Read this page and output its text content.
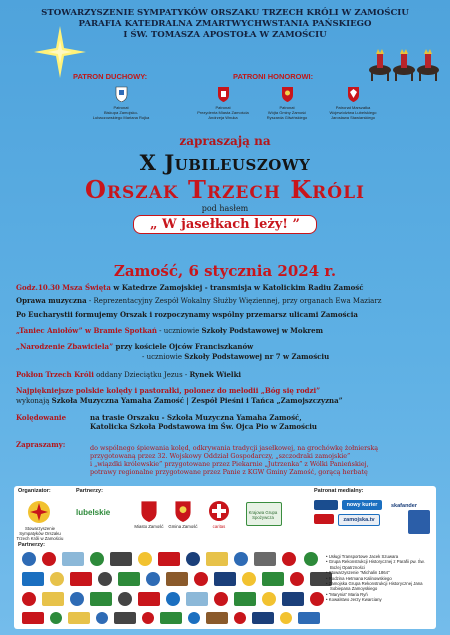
STOWARZYSZENIE SYMPATYKÓW ORSZAKU TRZECH KRÓLI W ZAMOŚCIU
PARAFIA KATEDRALNA ZMARTWYCHWSTANIA PAŃSKIEGO
I ŚW. TOMASZA APOSTOŁA W ZAMOŚCIU
PATRON DUCHOWY:	PATRONI HONOROWI:
Patronat
Biskupa Zamojsko-Lubaczowskiego Mariana Rojka
Patronat
Prezydenta Miasta Zamościa Andrzeja Wnuka
Patronat
Wójta Gminy Zamość Ryszarda Gliwińskiego
Patronat Marszałka
Województwa Lubelskiego Jarosława Stawiarskiego
zapraszają na
X Jubileuszowy
Orszak Trzech Króli
pod hasłem
„ W jasełkach leży! ”
Zamość, 6 stycznia 2024 r.
Godz.10.30 Msza Święta w Katedrze Zamojskiej - transmisja w Katolickim Radiu Zamość
Oprawa muzyczna - Reprezentacyjny Zespół Wokalny Służby Więziennej, przy organach Ewa Maziarz
Po Eucharystii formujemy Orszak i rozpoczynamy wspólny przemarsz ulicami Zamościa
„Taniec Aniołów” w Bramie Spotkań - uczniowie Szkoły Podstawowej w Mokrem
„Narodzenie Zbawiciela” przy kościele Ojców Franciszkanów
- uczniowie Szkoły Podstawowej nr 7 w Zamościu
Pokłon Trzech Króli oddany Dzieciątku Jezus - Rynek Wielki
Najpiękniejsze polskie kolędy i pastorałki, polonez do melodii „Bóg się rodzi”
wykonają Szkoła Muzyczna Yamaha Zamość | Zespół Pieśni i Tańca „Zamojszczyzna”
Kolędowanie	na trasie Orszaku - Szkoła Muzyczna Yamaha Zamość,
Katolicka Szkoła Podstawowa im Św. Ojca Pio w Zamościu
Zapraszamy:	do wspólnego śpiewania kolęd, odkrywania tradycji jasełkowej, na grochówkę żołnierską
przygotowaną przez 32. Wojskowy Oddział Gospodarczy, „szczodraki zamojskie”
i „wiązdki królewskie” przygotowane przez Piekarnie „Jutrzenka” z Wólki Panieńskiej,
potrawy regionalne przygotowane przez Panie z KGW Gminy Zamość, gorącą herbatę
Organizator:	Partnerzy:	Patronat medialny:
Stowarzyszenie Sympatyków Orszaku Trzech Króli w Zamościu
lubelskie
Miasto Zamość	Gmina Zamość	caritas
Krajowa Grupa Spożywcza
nowy kurier	skafander
zamojska.tv
Partnerzy:
• Usługi Transportowe Jacek Szuwara
• Grupa Rekonstrukcji Historycznej z Parafii pw. Św. Bożej Opatrzności
• Stowarzyszenie "Michalin 1864"
• Rodzina Hetmana Kalinowskiego
• Zamojska Grupa Rekonstrukcji Historycznej Jana Sobiepana Zamoyskiego
• "Marynia" Maria Ryń
• Kowalstwo Jerzy Kwarciany
